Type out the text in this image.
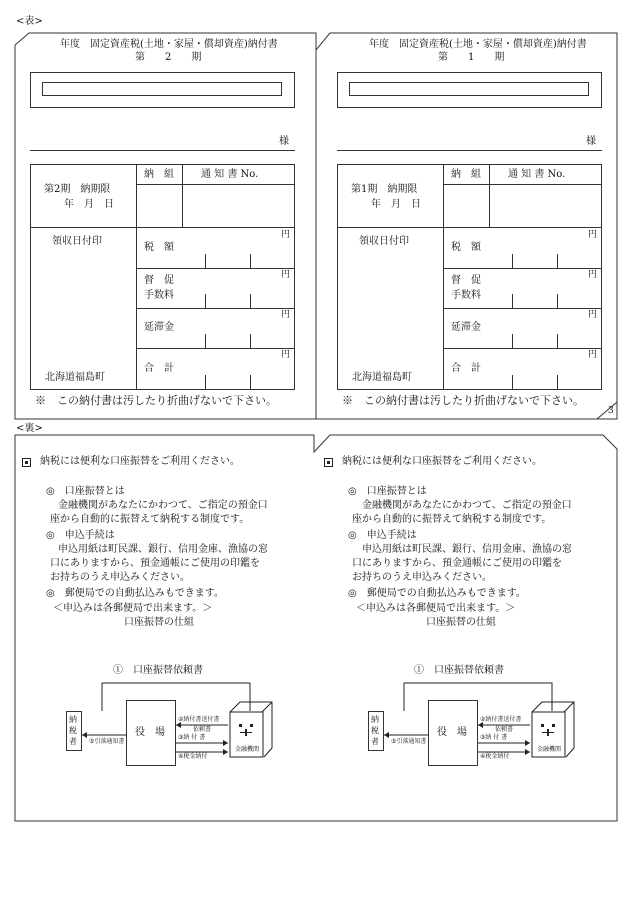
<表>
<裏>
3
年度　固定資産税(土地・家屋・償却資産)納付書
第　　2　　期
様
納　組	通 知 書 No.
第2期　納期限
年　月　日
領収日付印
税　額
督　促
手数料
延滞金
合　計
円
円
円
円
北海道福島町
※　この納付書は汚したり折曲げないで下さい。
年度　固定資産税(土地・家屋・償却資産)納付書
第　　1　　期
様
納　組	通 知 書 No.
第1期　納期限
年　月　日
領収日付印
税　額
督　促
手数料
延滞金
合　計
円
円
円
円
北海道福島町
※　この納付書は汚したり折曲げないで下さい。
納税には便利な口座振替をご利用ください。
◎　口座振替とは
金融機関があなたにかわつて、ご指定の預金口
座から自動的に振替えて納税する制度です。
◎　申込手続は
申込用紙は町民課、銀行、信用金庫、漁協の窓
口にありますから、預金通帳にご使用の印鑑を
お持ちのうえ申込みください。
◎　郵便局での自動払込みもできます。
＜申込みは各郵便局で出来ます。＞
口座振替の仕組
①　口座振替依頼書
納税者
役　場
⑤引落通知書
②納付書送付書
依頼書
③納 付 書
④税金納付
金融機関
納税には便利な口座振替をご利用ください。
◎　口座振替とは
金融機関があなたにかわつて、ご指定の預金口
座から自動的に振替えて納税する制度です。
◎　申込手続は
申込用紙は町民課、銀行、信用金庫、漁協の窓
口にありますから、預金通帳にご使用の印鑑を
お持ちのうえ申込みください。
◎　郵便局での自動払込みもできます。
＜申込みは各郵便局で出来ます。＞
口座振替の仕組
①　口座振替依頼書
納税者
役　場
⑤引落通知書
②納付書送付書
依頼書
③納 付 書
④税金納付
金融機関
